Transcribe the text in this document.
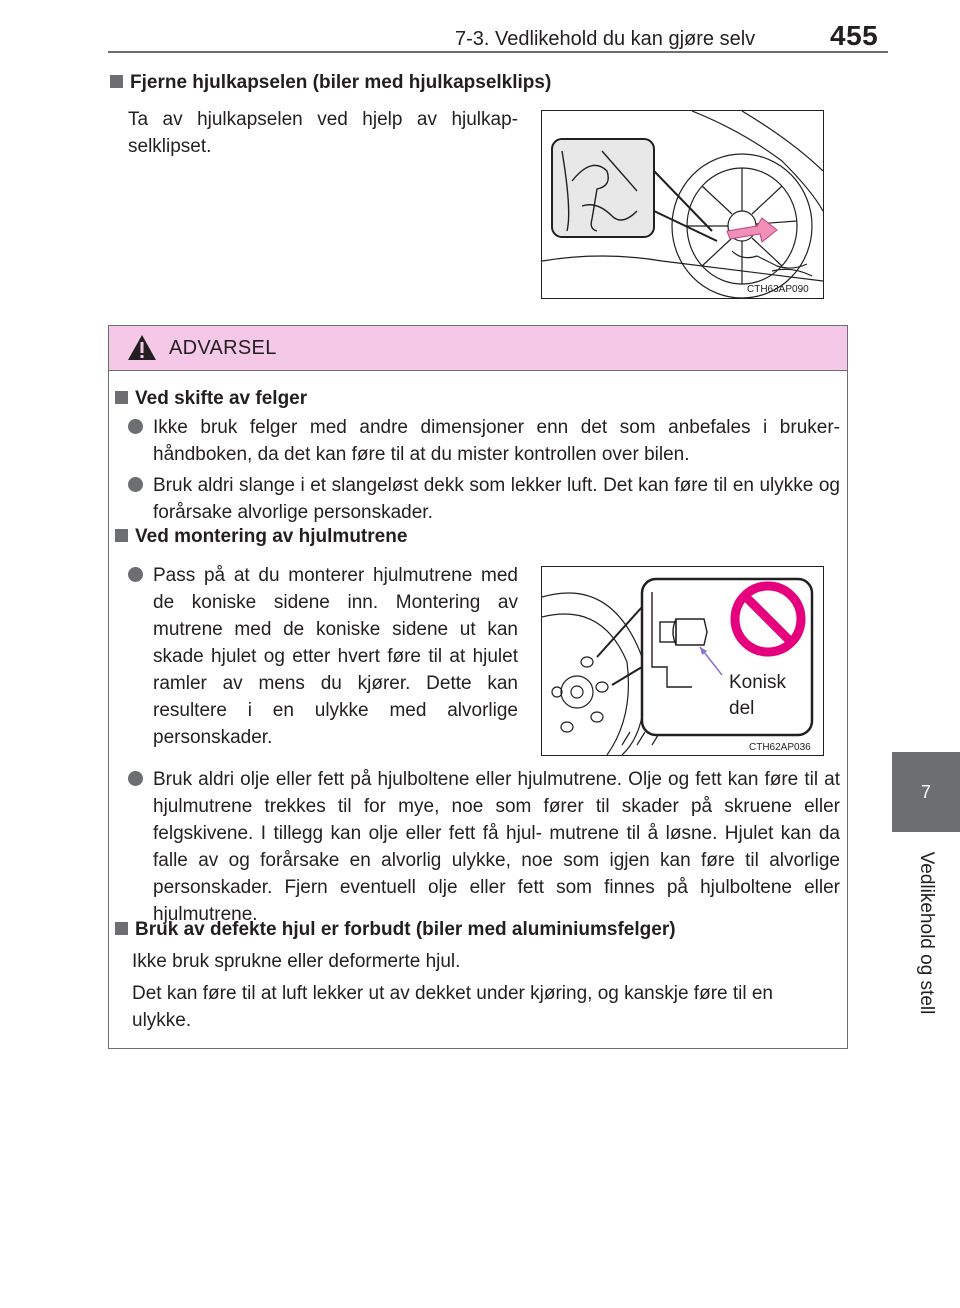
7-3. Vedlikehold du kan gjøre selv	455
7
Vedlikehold og stell
Fjerne hjulkapselen (biler med hjulkapselklips)
Ta av hjulkapselen ved hjelp av hjulkap- selklipset.
CTH63AP090
ADVARSEL
Ved skifte av felger
Ikke bruk felger med andre dimensjoner enn det som anbefales i bruker- håndboken, da det kan føre til at du mister kontrollen over bilen.
Bruk aldri slange i et slangeløst dekk som lekker luft. Det kan føre til en ulykke og forårsake alvorlige personskader.
Ved montering av hjulmutrene
Pass på at du monterer hjulmutrene med de koniske sidene inn. Montering av mutrene med de koniske sidene ut kan skade hjulet og etter hvert føre til at hjulet ramler av mens du kjører. Dette kan resultere i en ulykke med alvorlige personskader.
Bruk aldri olje eller fett på hjulboltene eller hjulmutrene. Olje og fett kan føre til at hjulmutrene trekkes til for mye, noe som fører til skader på skruene eller felgskivene. I tillegg kan olje eller fett få hjul- mutrene til å løsne. Hjulet kan da falle av og forårsake en alvorlig ulykke, noe som igjen kan føre til alvorlige personskader. Fjern eventuell olje eller fett som finnes på hjulboltene eller hjulmutrene.
Bruk av defekte hjul er forbudt (biler med aluminiumsfelger)
Ikke bruk sprukne eller deformerte hjul.
Det kan føre til at luft lekker ut av dekket under kjøring, og kanskje føre til en ulykke.
Konisk
del
CTH62AP036
